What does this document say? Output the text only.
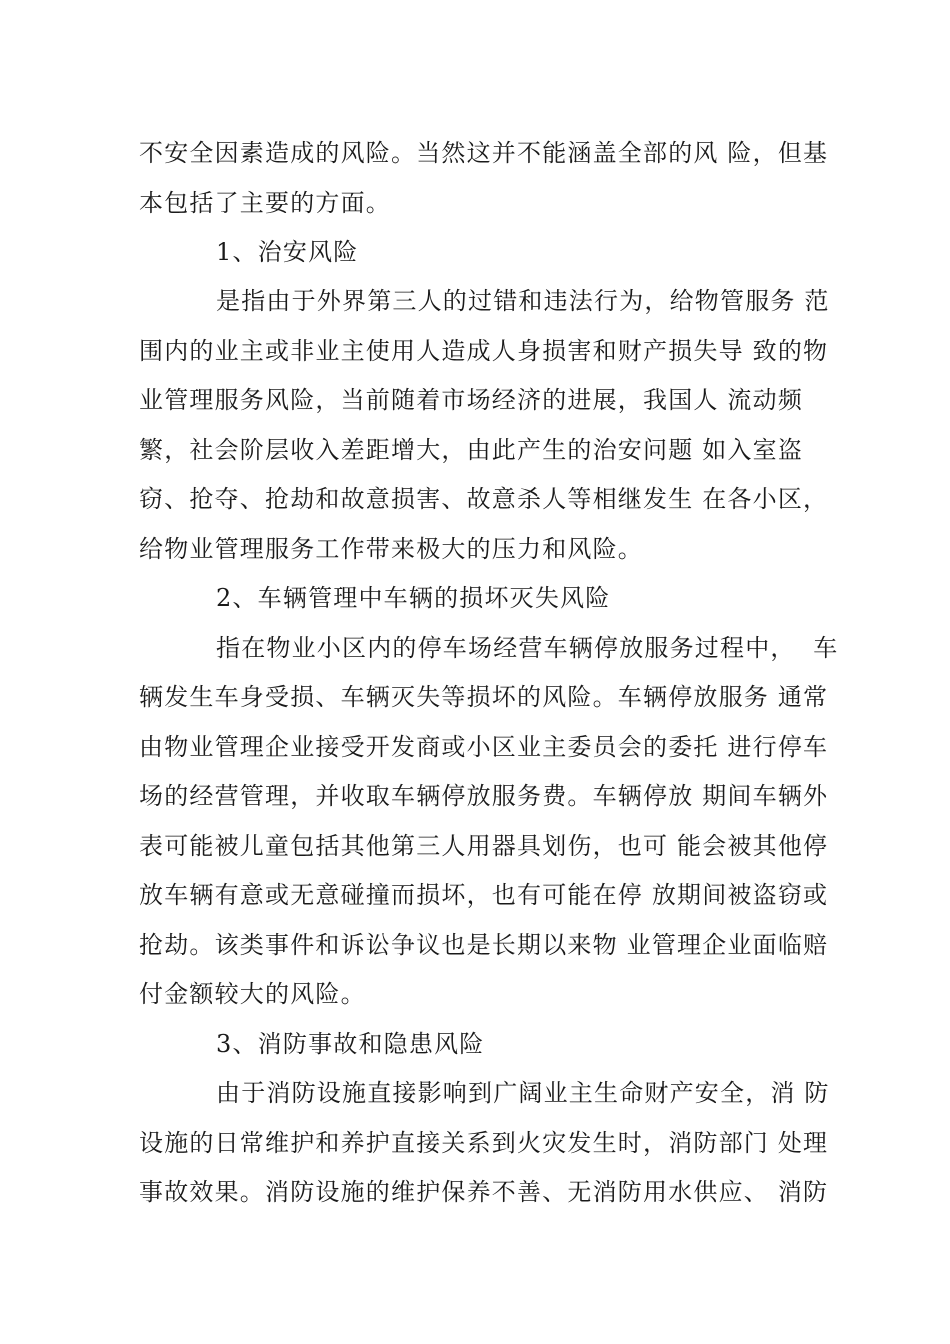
不安全因素造成的风险。当然这并不能涵盖全部的风 险，但基
本包括了主要的方面。
1、治安风险
是指由于外界第三人的过错和违法行为，给物管服务 范
围内的业主或非业主使用人造成人身损害和财产损失导 致的物
业管理服务风险，当前随着市场经济的进展，我国人 流动频
繁，社会阶层收入差距增大，由此产生的治安问题 如入室盗
窃、抢夺、抢劫和故意损害、故意杀人等相继发生 在各小区，
给物业管理服务工作带来极大的压力和风险。
2、车辆管理中车辆的损坏灭失风险
指在物业小区内的停车场经营车辆停放服务过程中，  车
辆发生车身受损、车辆灭失等损坏的风险。车辆停放服务 通常
由物业管理企业接受开发商或小区业主委员会的委托 进行停车
场的经营管理，并收取车辆停放服务费。车辆停放 期间车辆外
表可能被儿童包括其他第三人用器具划伤，也可 能会被其他停
放车辆有意或无意碰撞而损坏，也有可能在停 放期间被盗窃或
抢劫。该类事件和诉讼争议也是长期以来物 业管理企业面临赔
付金额较大的风险。
3、消防事故和隐患风险
由于消防设施直接影响到广阔业主生命财产安全，消 防
设施的日常维护和养护直接关系到火灾发生时，消防部门 处理
事故效果。消防设施的维护保养不善、无消防用水供应、 消防
